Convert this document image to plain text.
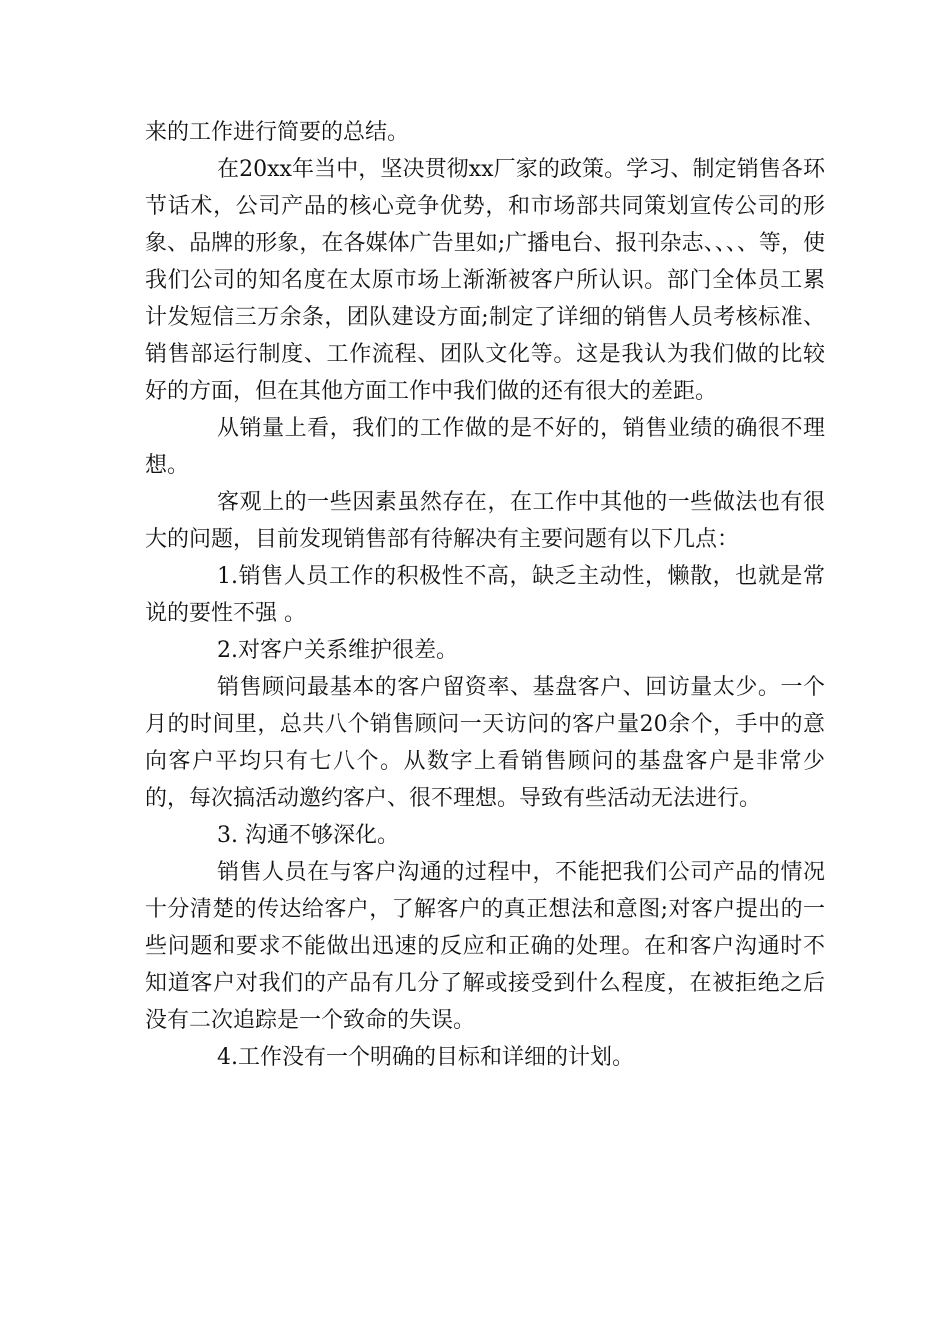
来的工作进行简要的总结。

在20xx年当中，坚决贯彻xx厂家的政策。学习、制定销售各环节话术，公司产品的核心竞争优势，和市场部共同策划宣传公司的形象、品牌的形象，在各媒体广告里如;广播电台、报刊杂志、、、、等，使我们公司的知名度在太原市场上渐渐被客户所认识。部门全体员工累计发短信三万余条，团队建设方面;制定了详细的销售人员考核标准、销售部运行制度、工作流程、团队文化等。这是我认为我们做的比较好的方面，但在其他方面工作中我们做的还有很大的差距。

从销量上看，我们的工作做的是不好的，销售业绩的确很不理想。

客观上的一些因素虽然存在，在工作中其他的一些做法也有很大的问题，目前发现销售部有待解决有主要问题有以下几点：

1.销售人员工作的积极性不高，缺乏主动性，懒散，也就是常说的要性不强 。

2.对客户关系维护很差。

销售顾问最基本的客户留资率、基盘客户、回访量太少。一个月的时间里，总共八个销售顾问一天访问的客户量20余个，手中的意向客户平均只有七八个。从数字上看销售顾问的基盘客户是非常少的，每次搞活动邀约客户、很不理想。导致有些活动无法进行。

3. 沟通不够深化。

销售人员在与客户沟通的过程中，不能把我们公司产品的情况十分清楚的传达给客户，了解客户的真正想法和意图;对客户提出的一些问题和要求不能做出迅速的反应和正确的处理。在和客户沟通时不知道客户对我们的产品有几分了解或接受到什么程度，在被拒绝之后没有二次追踪是一个致命的失误。

4.工作没有一个明确的目标和详细的计划。
